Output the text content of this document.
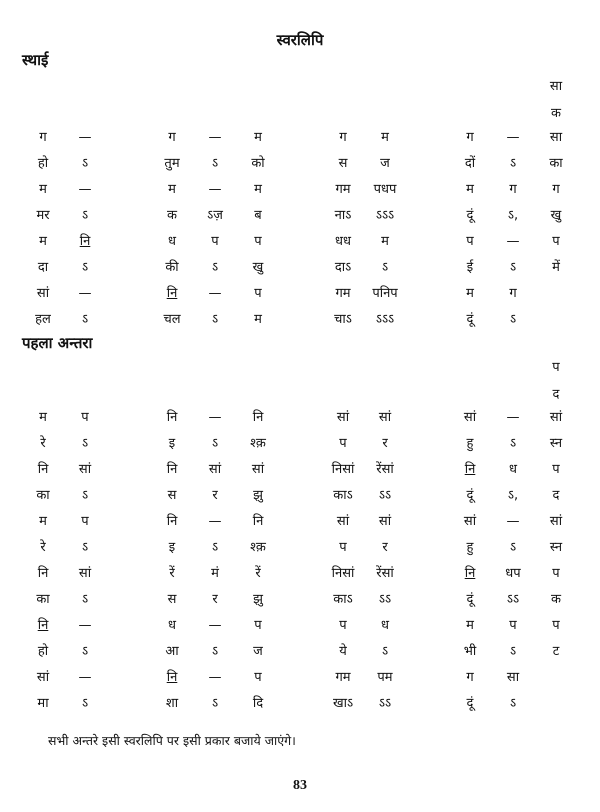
स्वरलिपि
स्थाई
पहला अन्तरा
सा
क
ग	—	ग	—	म	ग	म	ग	—	सा
हो	ऽ	तुम	ऽ	को	स	ज	दों	ऽ	का
म	—	म	—	म	गम	पधप	म	ग	ग
मर	ऽ	क	ऽज़	ब	नाऽ	ऽऽऽ	दूं	ऽ,	खु
म	नि	ध	प	प	धध	म	प	—	प
दा	ऽ	की	ऽ	खु	दाऽ	ऽ	ई	ऽ	में
सां	—	नि	—	प	गम	पनिप	म	ग
हल	ऽ	चल	ऽ	म	चाऽ	ऽऽऽ	दूं	ऽ
प
द
म	प	नि	—	नि	सां	सां	सां	—	सां
रे	ऽ	इ	ऽ	श्क़	प	र	हु	ऽ	स्न
नि	सां	नि	सां	सां	निसां	रेंसां	नि	ध	प
का	ऽ	स	र	झु	काऽ	ऽऽ	दूं	ऽ,	द
म	प	नि	—	नि	सां	सां	सां	—	सां
रे	ऽ	इ	ऽ	श्क़	प	र	हु	ऽ	स्न
नि	सां	रें	मं	रें	निसां	रेंसां	नि	धप	प
का	ऽ	स	र	झु	काऽ	ऽऽ	दूं	ऽऽ	क
नि	—	ध	—	प	प	ध	म	प	प
हो	ऽ	आ	ऽ	ज	ये	ऽ	भी	ऽ	ट
सां	—	नि	—	प	गम	पम	ग	सा
मा	ऽ	शा	ऽ	दि	खाऽ	ऽऽ	दूं	ऽ
सभी अन्तरे इसी स्वरलिपि पर इसी प्रकार बजाये जाएंगे।
83
